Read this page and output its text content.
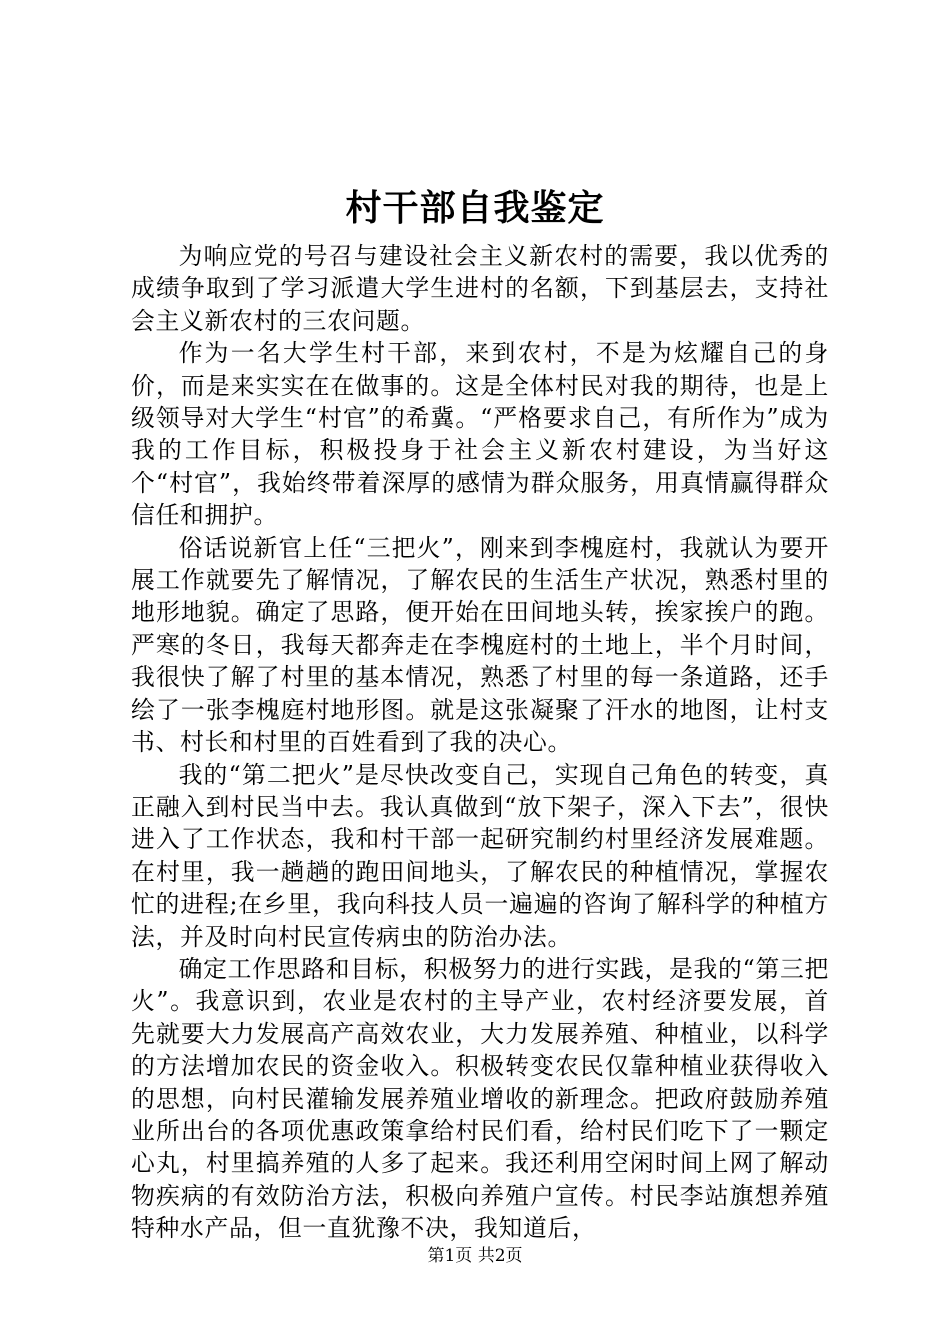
村干部自我鉴定

为响应党的号召与建设社会主义新农村的需要，我以优秀的成绩争取到了学习派遣大学生进村的名额，下到基层去，支持社会主义新农村的三农问题。

作为一名大学生村干部，来到农村，不是为炫耀自己的身价，而是来实实在在做事的。这是全体村民对我的期待，也是上级领导对大学生“村官”的希冀。“严格要求自己，有所作为”成为我的工作目标，积极投身于社会主义新农村建设，为当好这个“村官”，我始终带着深厚的感情为群众服务，用真情赢得群众信任和拥护。

俗话说新官上任“三把火”，刚来到李槐庭村，我就认为要开展工作就要先了解情况，了解农民的生活生产状况，熟悉村里的地形地貌。确定了思路，便开始在田间地头转，挨家挨户的跑。严寒的冬日，我每天都奔走在李槐庭村的土地上，半个月时间，我很快了解了村里的基本情况，熟悉了村里的每一条道路，还手绘了一张李槐庭村地形图。就是这张凝聚了汗水的地图，让村支书、村长和村里的百姓看到了我的决心。

我的“第二把火”是尽快改变自己，实现自己角色的转变，真正融入到村民当中去。我认真做到“放下架子，深入下去”，很快进入了工作状态，我和村干部一起研究制约村里经济发展难题。在村里，我一趟趟的跑田间地头，了解农民的种植情况，掌握农忙的进程;在乡里，我向科技人员一遍遍的咨询了解科学的种植方法，并及时向村民宣传病虫的防治办法。

确定工作思路和目标，积极努力的进行实践，是我的“第三把火”。我意识到，农业是农村的主导产业，农村经济要发展，首先就要大力发展高产高效农业，大力发展养殖、种植业，以科学的方法增加农民的资金收入。积极转变农民仅靠种植业获得收入的思想，向村民灌输发展养殖业增收的新理念。把政府鼓励养殖业所出台的各项优惠政策拿给村民们看，给村民们吃下了一颗定心丸，村里搞养殖的人多了起来。我还利用空闲时间上网了解动物疾病的有效防治方法，积极向养殖户宣传。村民李站旗想养殖特种水产品，但一直犹豫不决，我知道后，

第1页 共2页
